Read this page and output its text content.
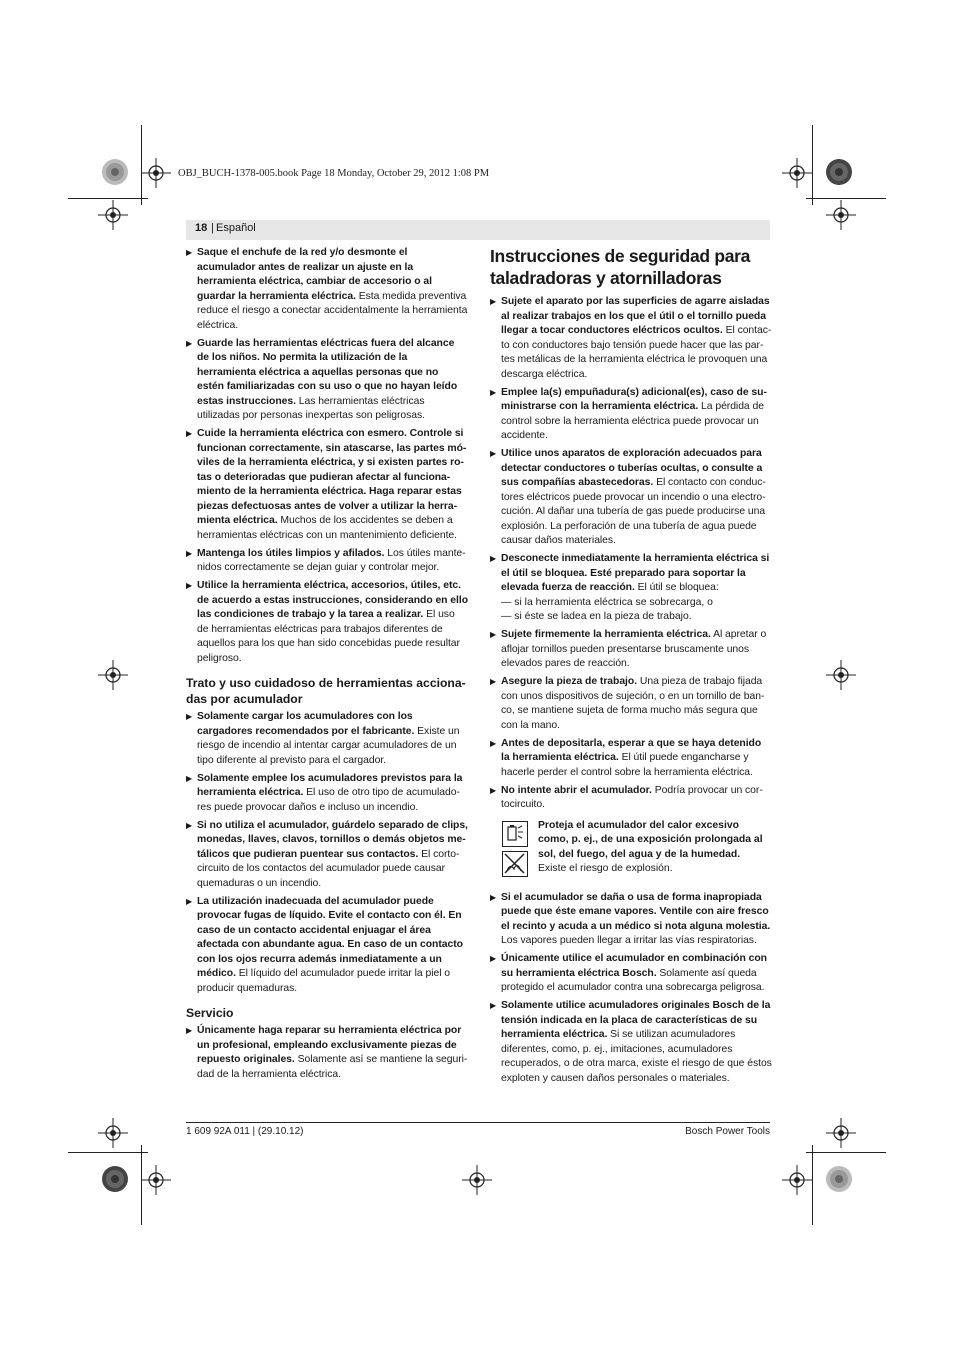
OBJ_BUCH-1378-005.book Page 18 Monday, October 29, 2012 1:08 PM
18 | Español
▶ Saque el enchufe de la red y/o desmonte el acumulador antes de realizar un ajuste en la herramienta eléctrica, cambiar de accesorio o al guardar la herramienta eléctrica. Esta medida preventiva reduce el riesgo a conectar accidentalmente la herramienta eléctrica.
▶ Guarde las herramientas eléctricas fuera del alcance de los niños. No permita la utilización de la herramienta eléctrica a aquellas personas que no estén familiarizadas con su uso o que no hayan leído estas instrucciones. Las herramientas eléctricas utilizadas por personas inexpertas son peligrosas.
▶ Cuide la herramienta eléctrica con esmero. Controle si funcionan correctamente, sin atascarse, las partes móviles de la herramienta eléctrica, y si existen partes rotas o deterioradas que pudieran afectar al funcionamiento de la herramienta eléctrica. Haga reparar estas piezas defectuosas antes de volver a utilizar la herramienta eléctrica. Muchos de los accidentes se deben a herramientas eléctricas con un mantenimiento deficiente.
▶ Mantenga los útiles limpios y afilados. Los útiles mantenidos correctamente se dejan guiar y controlar mejor.
▶ Utilice la herramienta eléctrica, accesorios, útiles, etc. de acuerdo a estas instrucciones, considerando en ello las condiciones de trabajo y la tarea a realizar. El uso de herramientas eléctricas para trabajos diferentes de aquellos para los que han sido concebidas puede resultar peligroso.
Trato y uso cuidadoso de herramientas accionadas por acumulador
▶ Solamente cargar los acumuladores con los cargadores recomendados por el fabricante. Existe un riesgo de incendio al intentar cargar acumuladores de un tipo diferente al previsto para el cargador.
▶ Solamente emplee los acumuladores previstos para la herramienta eléctrica. El uso de otro tipo de acumuladores puede provocar daños e incluso un incendio.
▶ Si no utiliza el acumulador, guárdelo separado de clips, monedas, llaves, clavos, tornillos o demás objetos metálicos que pudieran puentear sus contactos. El cortocircuito de los contactos del acumulador puede causar quemaduras o un incendio.
▶ La utilización inadecuada del acumulador puede provocar fugas de líquido. Evite el contacto con él. En caso de un contacto accidental enjuagar el área afectada con abundante agua. En caso de un contacto con los ojos recurra además inmediatamente a un médico. El líquido del acumulador puede irritar la piel o producir quemaduras.
Servicio
▶ Únicamente haga reparar su herramienta eléctrica por un profesional, empleando exclusivamente piezas de repuesto originales. Solamente así se mantiene la seguridad de la herramienta eléctrica.
Instrucciones de seguridad para taladradoras y atornilladoras
▶ Sujete el aparato por las superficies de agarre aisladas al realizar trabajos en los que el útil o el tornillo pueda llegar a tocar conductores eléctricos ocultos. El contacto con conductores bajo tensión puede hacer que las partes metálicas de la herramienta eléctrica le provoquen una descarga eléctrica.
▶ Emplee la(s) empuñadura(s) adicional(es), caso de suministrarse con la herramienta eléctrica. La pérdida de control sobre la herramienta eléctrica puede provocar un accidente.
▶ Utilice unos aparatos de exploración adecuados para detectar conductores o tuberías ocultas, o consulte a sus compañías abastecedoras. El contacto con conductores eléctricos puede provocar un incendio o una electrocución. Al dañar una tubería de gas puede producirse una explosión. La perforación de una tubería de agua puede causar daños materiales.
▶ Desconecte inmediatamente la herramienta eléctrica si el útil se bloquea. Esté preparado para soportar la elevada fuerza de reacción. El útil se bloquea:
— si la herramienta eléctrica se sobrecarga, o
— si éste se ladea en la pieza de trabajo.
▶ Sujete firmemente la herramienta eléctrica. Al apretar o aflojar tornillos pueden presentarse bruscamente unos elevados pares de reacción.
▶ Asegure la pieza de trabajo. Una pieza de trabajo fijada con unos dispositivos de sujeción, o en un tornillo de banco, se mantiene sujeta de forma mucho más segura que con la mano.
▶ Antes de depositarla, esperar a que se haya detenido la herramienta eléctrica. El útil puede engancharse y hacerle perder el control sobre la herramienta eléctrica.
▶ No intente abrir el acumulador. Podría provocar un cortocircuito.
Proteja el acumulador del calor excesivo como, p. ej., de una exposición prolongada al sol, del fuego, del agua y de la humedad. Existe el riesgo de explosión.
▶ Si el acumulador se daña o usa de forma inapropiada puede que éste emane vapores. Ventile con aire fresco el recinto y acuda a un médico si nota alguna molestia. Los vapores pueden llegar a irritar las vías respiratorias.
▶ Únicamente utilice el acumulador en combinación con su herramienta eléctrica Bosch. Solamente así queda protegido el acumulador contra una sobrecarga peligrosa.
▶ Solamente utilice acumuladores originales Bosch de la tensión indicada en la placa de características de su herramienta eléctrica. Si se utilizan acumuladores diferentes, como, p. ej., imitaciones, acumuladores recuperados, o de otra marca, existe el riesgo de que éstos exploten y causen daños personales o materiales.
1 609 92A 011 | (29.10.12)	Bosch Power Tools
